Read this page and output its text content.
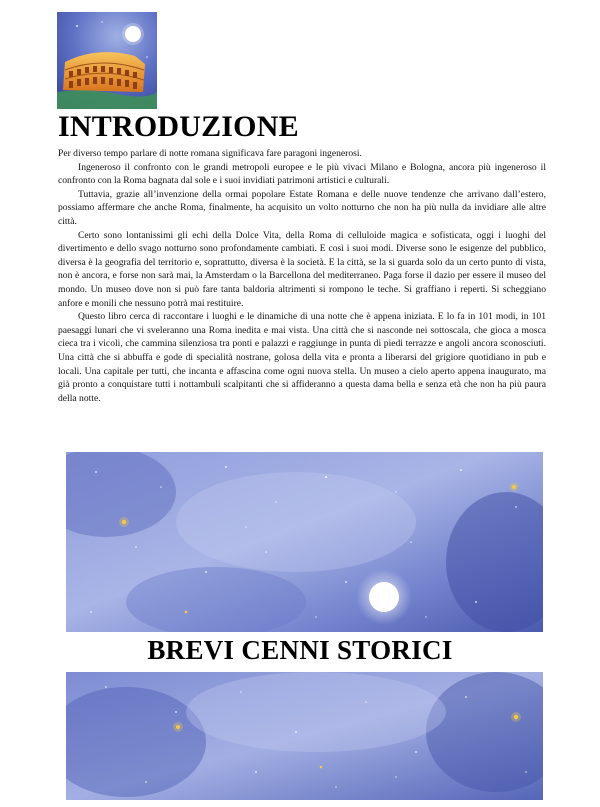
INTRODUZIONE

Per diverso tempo parlare di notte romana significava fare paragoni ingenerosi.

Ingeneroso il confronto con le grandi metropoli europee e le più vivaci Milano e Bologna, ancora più ingeneroso il confronto con la Roma bagnata dal sole e i suoi invidiati patrimoni artistici e culturali.

Tuttavia, grazie all’invenzione della ormai popolare Estate Romana e delle nuove tendenze che arrivano dall’estero, possiamo affermare che anche Roma, finalmente, ha acquisito un volto notturno che non ha più nulla da invidiare alle altre città.

Certo sono lontanissimi gli echi della Dolce Vita, della Roma di celluloide magica e sofisticata, oggi i luoghi del divertimento e dello svago notturno sono profondamente cambiati. E così i suoi modi. Diverse sono le esigenze del pubblico, diversa è la geografia del territorio e, soprattutto, diversa è la società. E la città, se la si guarda solo da un certo punto di vista, non è ancora, e forse non sarà mai, la Amsterdam o la Barcellona del mediterraneo. Paga forse il dazio per essere il museo del mondo. Un museo dove non si può fare tanta baldoria altrimenti si rompono le teche. Si graffiano i reperti. Si scheggiano anfore e monili che nessuno potrà mai restituire.

Questo libro cerca di raccontare i luoghi e le dinamiche di una notte che è appena iniziata. E lo fa in 101 modi, in 101 paesaggi lunari che vi sveleranno una Roma inedita e mai vista. Una città che si nasconde nei sottoscala, che gioca a mosca cieca tra i vicoli, che cammina silenziosa tra ponti e palazzi e raggiunge in punta di piedi terrazze e angoli ancora sconosciuti. Una città che si abbuffa e gode di specialità nostrane, golosa della vita e pronta a liberarsi del grigiore quotidiano in pub e locali. Una capitale per tutti, che incanta e affascina come ogni nuova stella. Un museo a cielo aperto appena inaugurato, ma già pronto a conquistare tutti i nottambuli scalpitanti che si affideranno a questa dama bella e senza età che non ha più paura della notte.

BREVI CENNI STORICI
